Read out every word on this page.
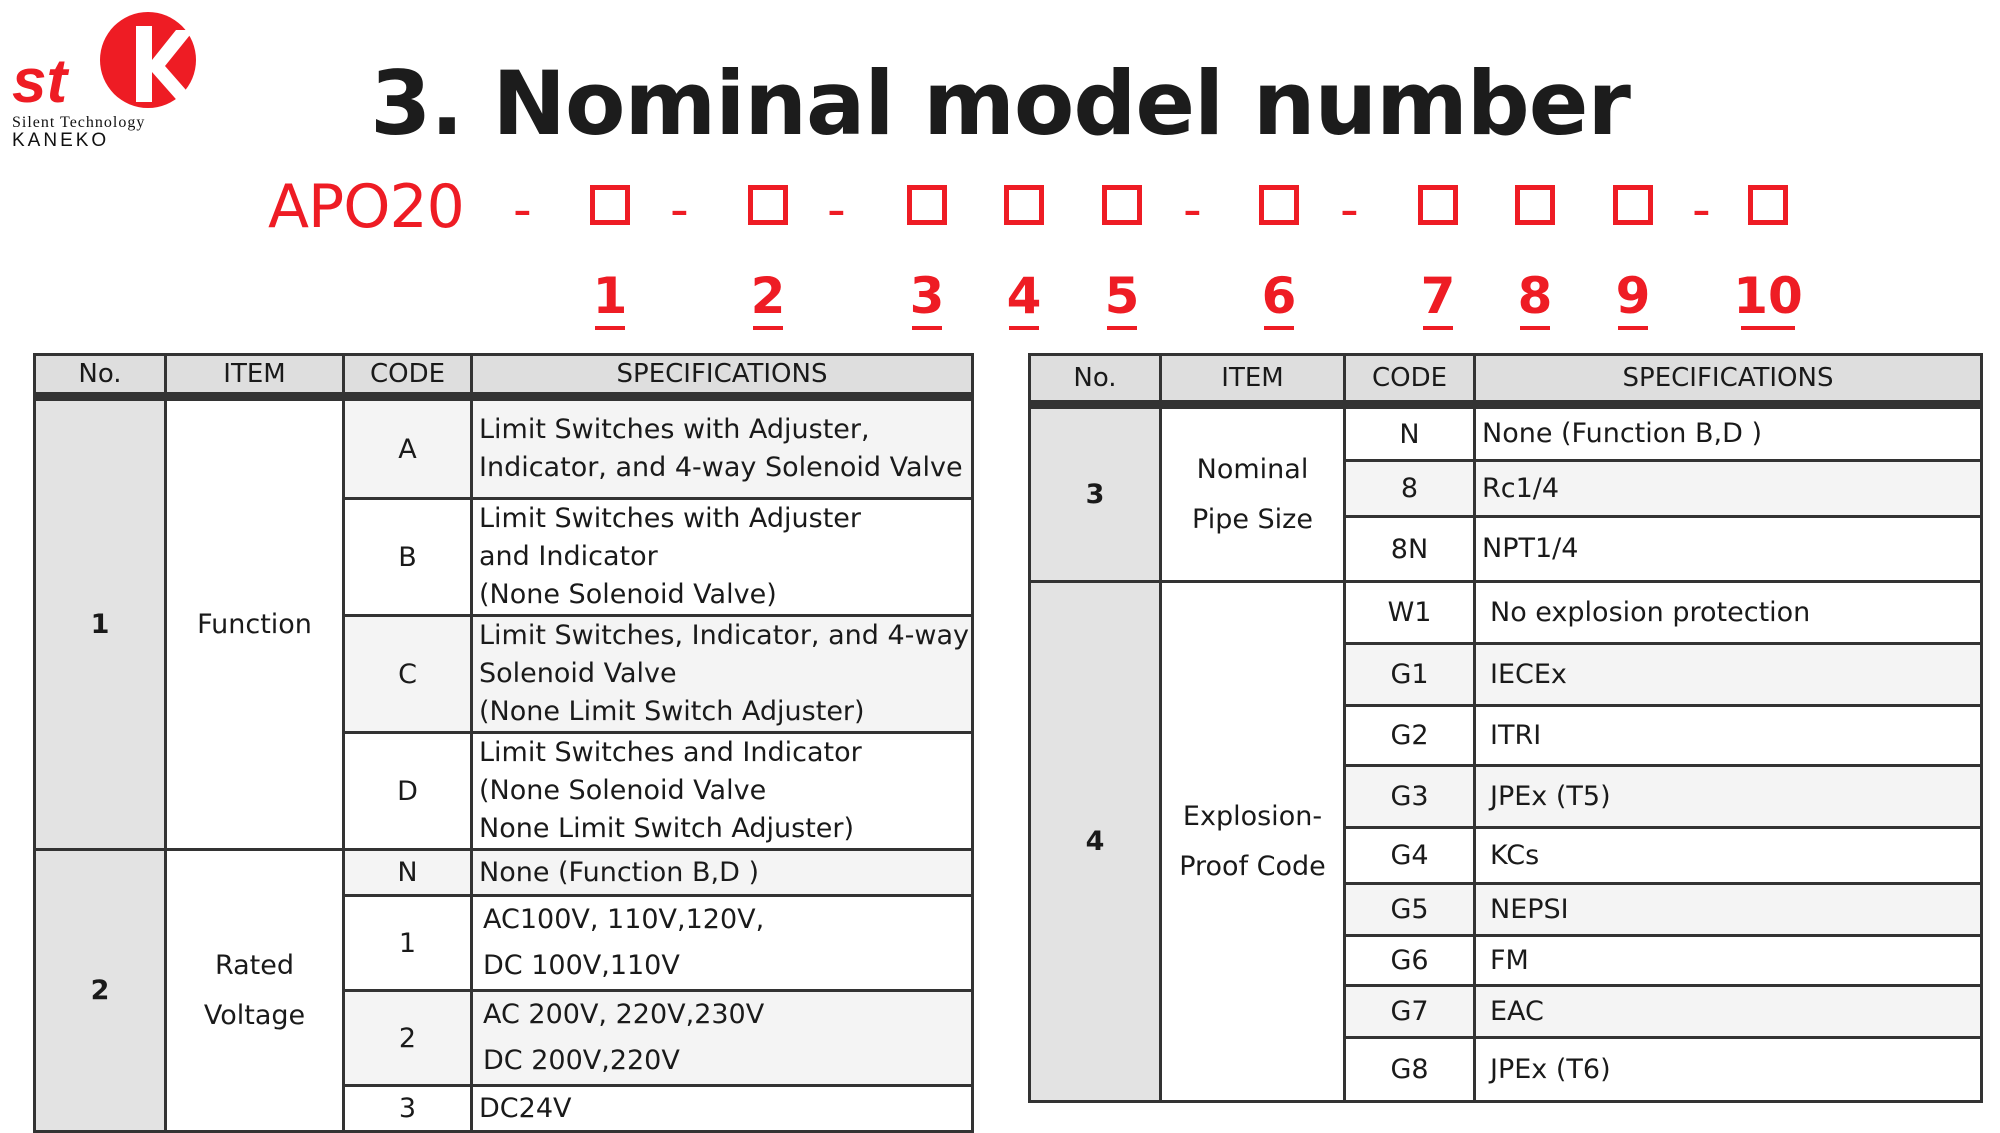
st
Silent Technology
KANEKO	3. Nominal model number
APO20 -	-	-	-	-	-
1	2	3	4	5	6	7	8	9	10
No.	ITEM	CODE	SPECIFICATIONS
1	Function	A	Limit Switches with Adjuster,
Indicator, and 4-way Solenoid Valve

		B	Limit Switches with Adjuster
and Indicator
(None Solenoid Valve)

		C	Limit Switches, Indicator, and 4-way
Solenoid Valve
(None Limit Switch Adjuster)

		D	Limit Switches and Indicator
(None Solenoid Valve
None Limit Switch Adjuster)

2	Rated
Voltage	N	None (Function B,D )

		1	AC100V, 110V,120V,
DC 100V,110V

		2	AC 200V, 220V,230V
DC 200V,220V

		3	DC24V
No.	ITEM	CODE	SPECIFICATIONS
3	Nominal
Pipe Size	N	None (Function B,D )
		8	Rc1/4
		8N	NPT1/4
4	Explosion-
Proof Code	W1	No explosion protection
		G1	IECEx
		G2	ITRI
		G3	JPEx (T5)
		G4	KCs
		G5	NEPSI
		G6	FM
		G7	EAC
		G8	JPEx (T6)
